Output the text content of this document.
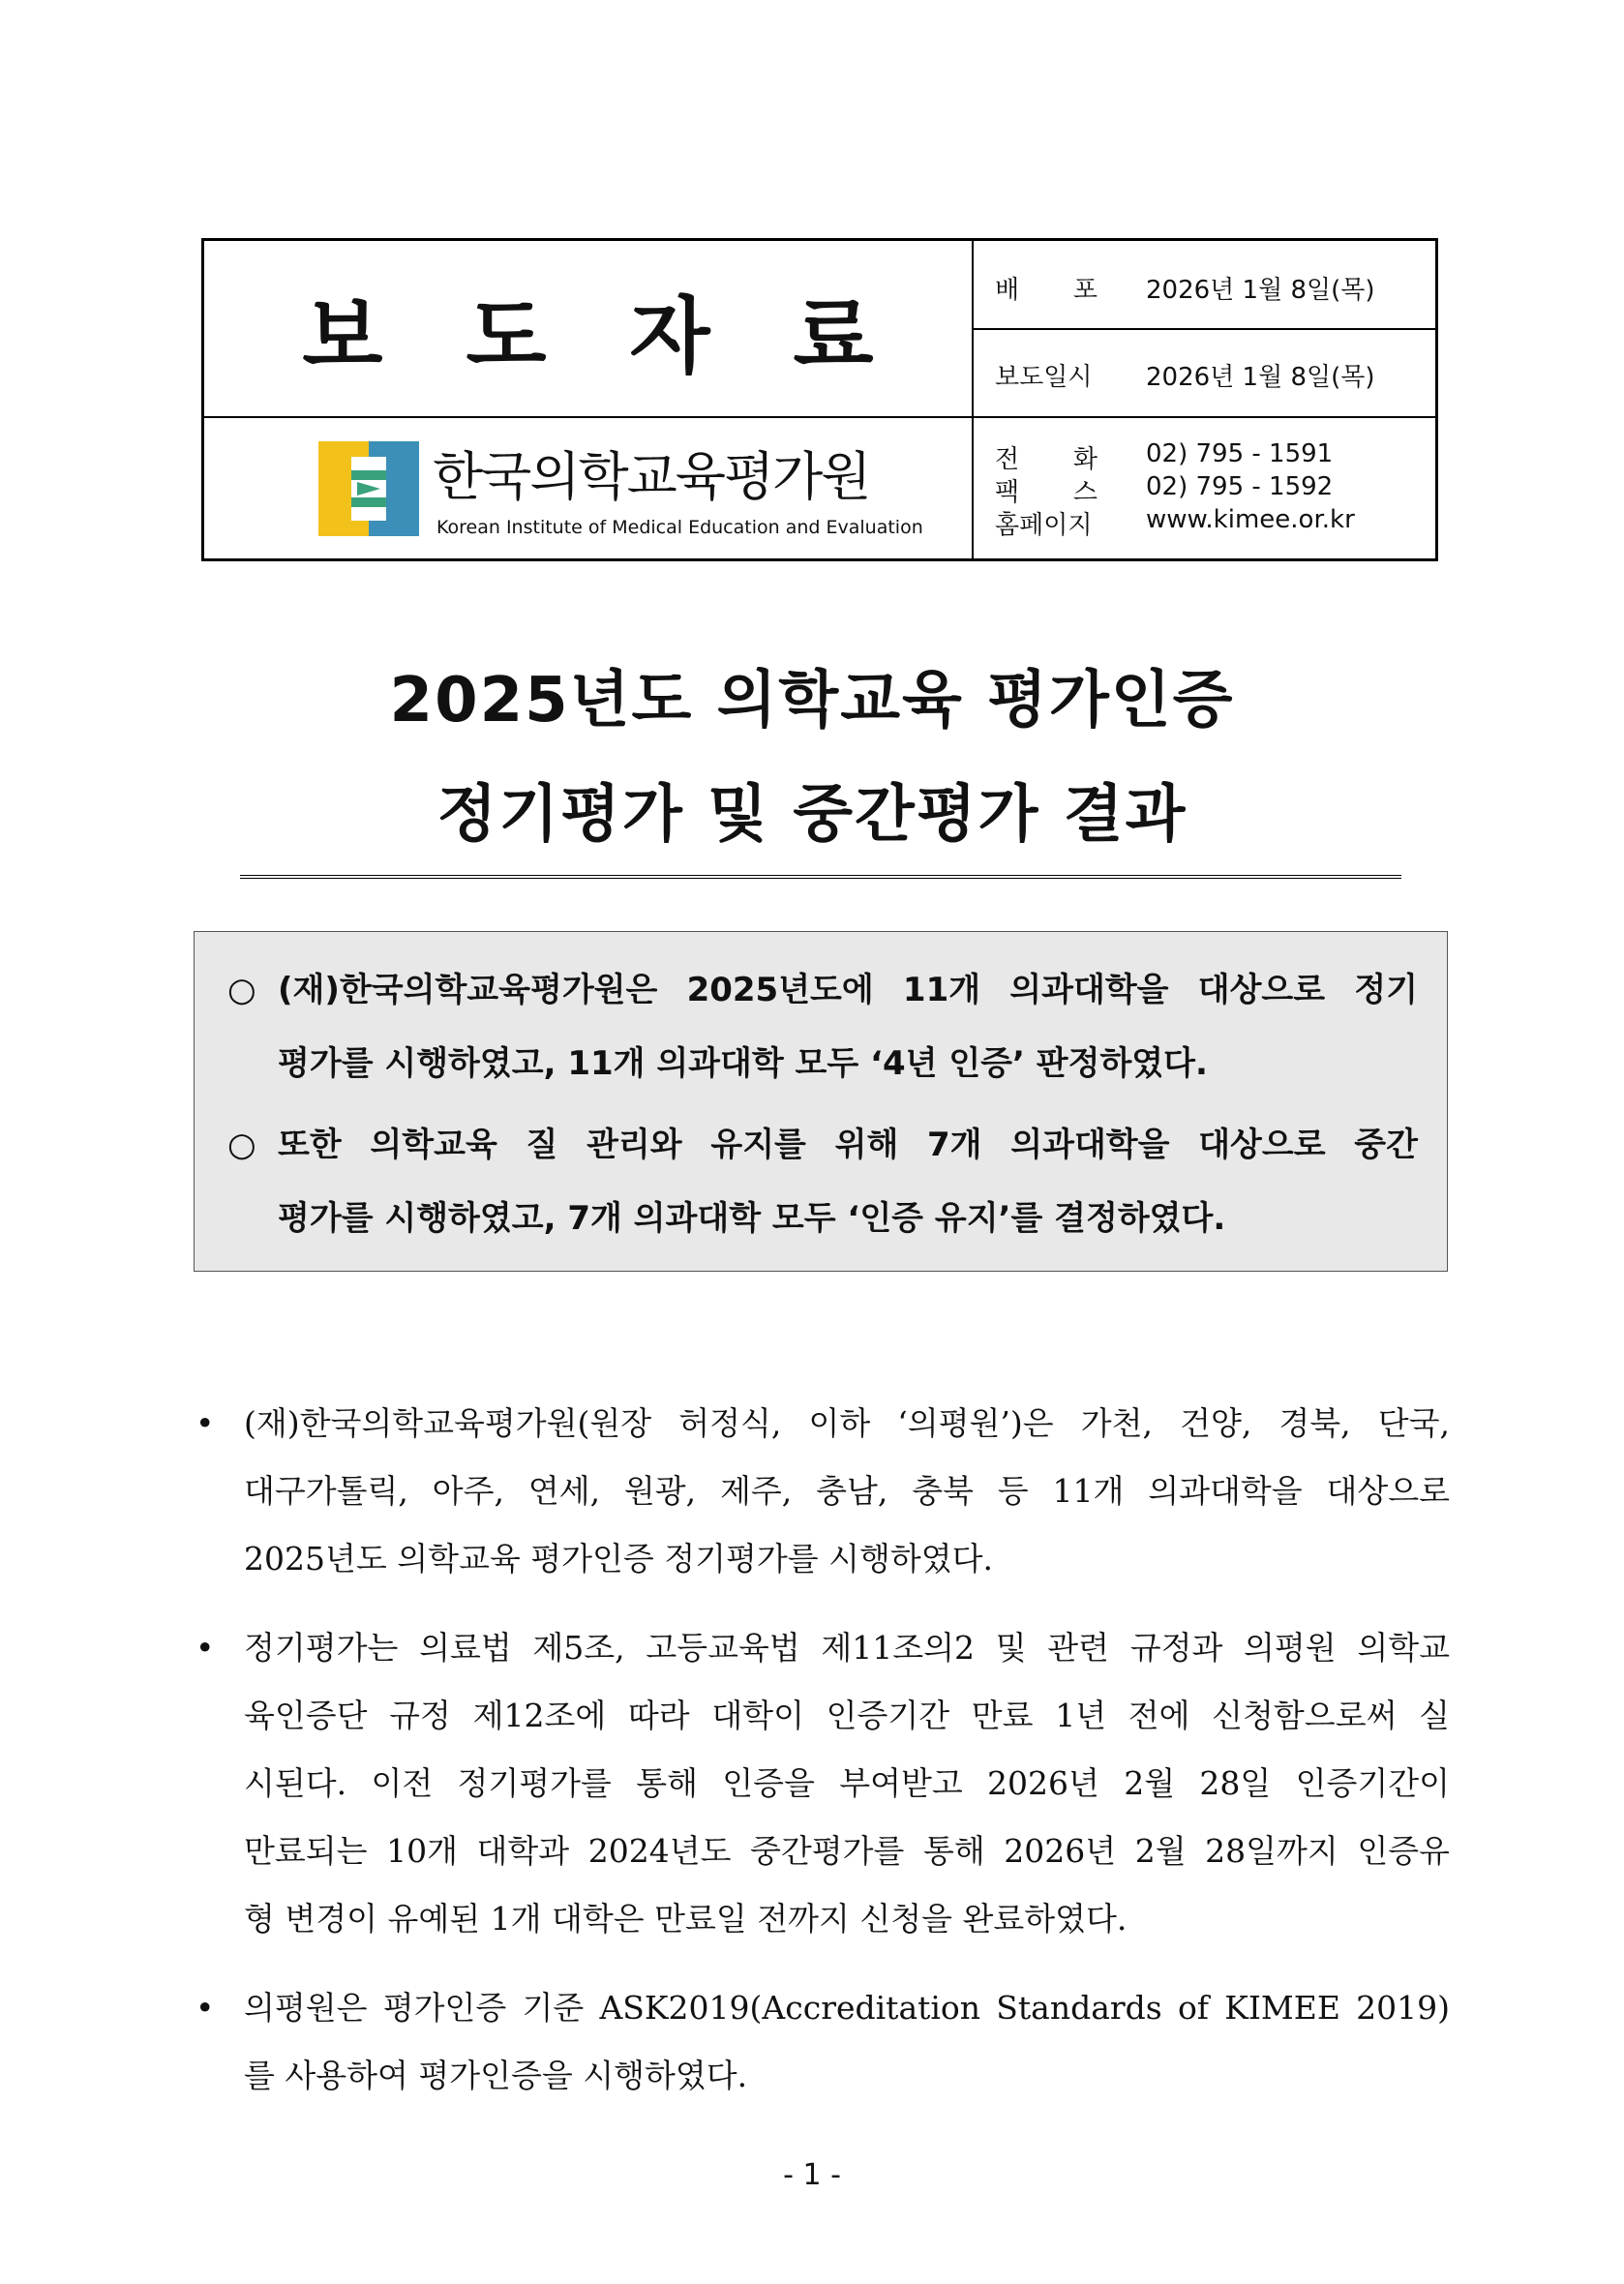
보 도 자 료
한국의학교육평가원
Korean Institute of Medical Education and Evaluation
배 포 2026년 1월 8일(목)
보도일시 2026년 1월 8일(목)
전 화 02) 795 - 1591
팩 스 02) 795 - 1592
홈페이지 www.kimee.or.kr
2025년도 의학교육 평가인증
정기평가 및 중간평가 결과
○ (재)한국의학교육평가원은 2025년도에 11개 의과대학을 대상으로 정기
평가를 시행하였고, 11개 의과대학 모두 ‘4년 인증’ 판정하였다.
○ 또한 의학교육 질 관리와 유지를 위해 7개 의과대학을 대상으로 중간
평가를 시행하였고, 7개 의과대학 모두 ‘인증 유지’를 결정하였다.
• (재)한국의학교육평가원(원장 허정식, 이하 ‘의평원’)은 가천, 건양, 경북, 단국,
대구가톨릭, 아주, 연세, 원광, 제주, 충남, 충북 등 11개 의과대학을 대상으로
2025년도 의학교육 평가인증 정기평가를 시행하였다.
• 정기평가는 의료법 제5조, 고등교육법 제11조의2 및 관련 규정과 의평원 의학교
육인증단 규정 제12조에 따라 대학이 인증기간 만료 1년 전에 신청함으로써 실
시된다. 이전 정기평가를 통해 인증을 부여받고 2026년 2월 28일 인증기간이
만료되는 10개 대학과 2024년도 중간평가를 통해 2026년 2월 28일까지 인증유
형 변경이 유예된 1개 대학은 만료일 전까지 신청을 완료하였다.
• 의평원은 평가인증 기준 ASK2019(Accreditation Standards of KIMEE 2019)
를 사용하여 평가인증을 시행하였다.
- 1 -
